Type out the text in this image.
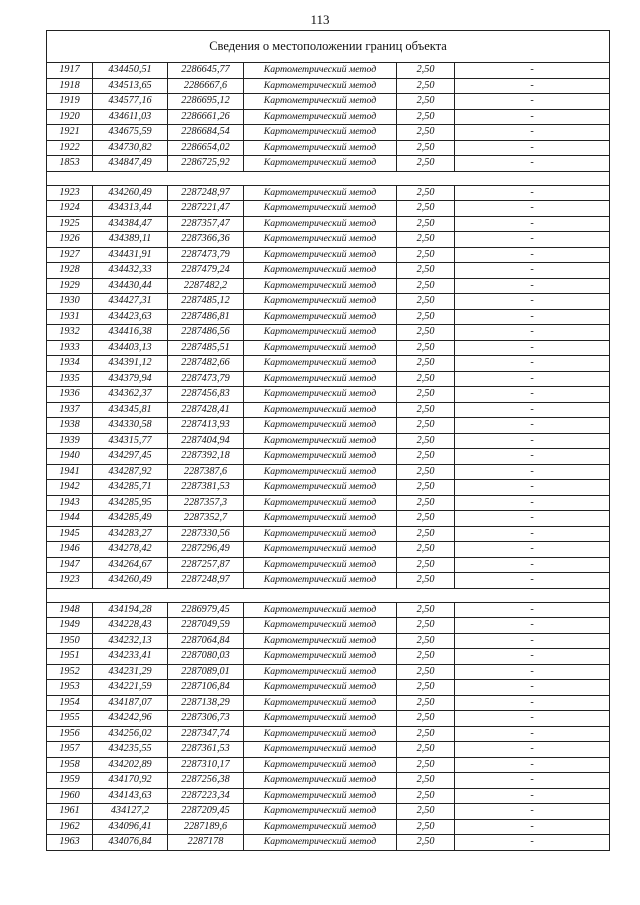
113
Сведения о местоположении границ объекта					
1917	434450,51	2286645,77	Картометрический метод	2,50	-
1918	434513,65	2286667,6	Картометрический метод	2,50	-
1919	434577,16	2286695,12	Картометрический метод	2,50	-
1920	434611,03	2286661,26	Картометрический метод	2,50	-
1921	434675,59	2286684,54	Картометрический метод	2,50	-
1922	434730,82	2286654,02	Картометрический метод	2,50	-
1853	434847,49	2286725,92	Картометрический метод	2,50	-

1923	434260,49	2287248,97	Картометрический метод	2,50	-
1924	434313,44	2287221,47	Картометрический метод	2,50	-
1925	434384,47	2287357,47	Картометрический метод	2,50	-
1926	434389,11	2287366,36	Картометрический метод	2,50	-
1927	434431,91	2287473,79	Картометрический метод	2,50	-
1928	434432,33	2287479,24	Картометрический метод	2,50	-
1929	434430,44	2287482,2	Картометрический метод	2,50	-
1930	434427,31	2287485,12	Картометрический метод	2,50	-
1931	434423,63	2287486,81	Картометрический метод	2,50	-
1932	434416,38	2287486,56	Картометрический метод	2,50	-
1933	434403,13	2287485,51	Картометрический метод	2,50	-
1934	434391,12	2287482,66	Картометрический метод	2,50	-
1935	434379,94	2287473,79	Картометрический метод	2,50	-
1936	434362,37	2287456,83	Картометрический метод	2,50	-
1937	434345,81	2287428,41	Картометрический метод	2,50	-
1938	434330,58	2287413,93	Картометрический метод	2,50	-
1939	434315,77	2287404,94	Картометрический метод	2,50	-
1940	434297,45	2287392,18	Картометрический метод	2,50	-
1941	434287,92	2287387,6	Картометрический метод	2,50	-
1942	434285,71	2287381,53	Картометрический метод	2,50	-
1943	434285,95	2287357,3	Картометрический метод	2,50	-
1944	434285,49	2287352,7	Картометрический метод	2,50	-
1945	434283,27	2287330,56	Картометрический метод	2,50	-
1946	434278,42	2287296,49	Картометрический метод	2,50	-
1947	434264,67	2287257,87	Картометрический метод	2,50	-
1923	434260,49	2287248,97	Картометрический метод	2,50	-

1948	434194,28	2286979,45	Картометрический метод	2,50	-
1949	434228,43	2287049,59	Картометрический метод	2,50	-
1950	434232,13	2287064,84	Картометрический метод	2,50	-
1951	434233,41	2287080,03	Картометрический метод	2,50	-
1952	434231,29	2287089,01	Картометрический метод	2,50	-
1953	434221,59	2287106,84	Картометрический метод	2,50	-
1954	434187,07	2287138,29	Картометрический метод	2,50	-
1955	434242,96	2287306,73	Картометрический метод	2,50	-
1956	434256,02	2287347,74	Картометрический метод	2,50	-
1957	434235,55	2287361,53	Картометрический метод	2,50	-
1958	434202,89	2287310,17	Картометрический метод	2,50	-
1959	434170,92	2287256,38	Картометрический метод	2,50	-
1960	434143,63	2287223,34	Картометрический метод	2,50	-
1961	434127,2	2287209,45	Картометрический метод	2,50	-
1962	434096,41	2287189,6	Картометрический метод	2,50	-
1963	434076,84	2287178	Картометрический метод	2,50	-
